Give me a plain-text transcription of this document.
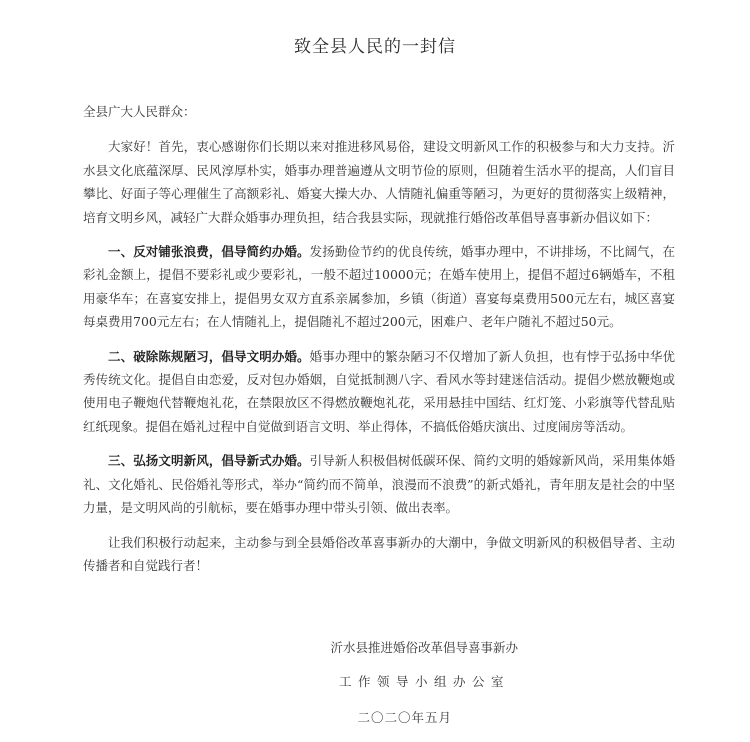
致全县人民的一封信

全县广大人民群众：

大家好！首先，衷心感谢你们长期以来对推进移风易俗，建设文明新风工作的积极参与和大力支持。沂水县文化底蕴深厚、民风淳厚朴实，婚事办理普遍遵从文明节俭的原则，但随着生活水平的提高，人们盲目攀比、好面子等心理催生了高额彩礼、婚宴大操大办、人情随礼偏重等陋习，为更好的贯彻落实上级精神，培育文明乡风，减轻广大群众婚事办理负担，结合我县实际，现就推行婚俗改革倡导喜事新办倡议如下：

一、反对铺张浪费，倡导简约办婚。发扬勤俭节约的优良传统，婚事办理中，不讲排场，不比阔气，在彩礼金额上，提倡不要彩礼或少要彩礼，一般不超过10000元；在婚车使用上，提倡不超过6辆婚车，不租用豪华车；在喜宴安排上，提倡男女双方直系亲属参加，乡镇（街道）喜宴每桌费用500元左右，城区喜宴每桌费用700元左右；在人情随礼上，提倡随礼不超过200元，困难户、老年户随礼不超过50元。

二、破除陈规陋习，倡导文明办婚。婚事办理中的繁杂陋习不仅增加了新人负担，也有悖于弘扬中华优秀传统文化。提倡自由恋爱，反对包办婚姻，自觉抵制测八字、看风水等封建迷信活动。提倡少燃放鞭炮或使用电子鞭炮代替鞭炮礼花，在禁限放区不得燃放鞭炮礼花，采用悬挂中国结、红灯笼、小彩旗等代替乱贴红纸现象。提倡在婚礼过程中自觉做到语言文明、举止得体，不搞低俗婚庆演出、过度闹房等活动。

三、弘扬文明新风，倡导新式办婚。引导新人积极倡树低碳环保、简约文明的婚嫁新风尚，采用集体婚礼、文化婚礼、民俗婚礼等形式，举办“简约而不简单，浪漫而不浪费”的新式婚礼，青年朋友是社会的中坚力量，是文明风尚的引航标，要在婚事办理中带头引领、做出表率。

让我们积极行动起来，主动参与到全县婚俗改革喜事新办的大潮中，争做文明新风的积极倡导者、主动传播者和自觉践行者！

沂水县推进婚俗改革倡导喜事新办
工作领导小组办公室
二〇二〇年五月
